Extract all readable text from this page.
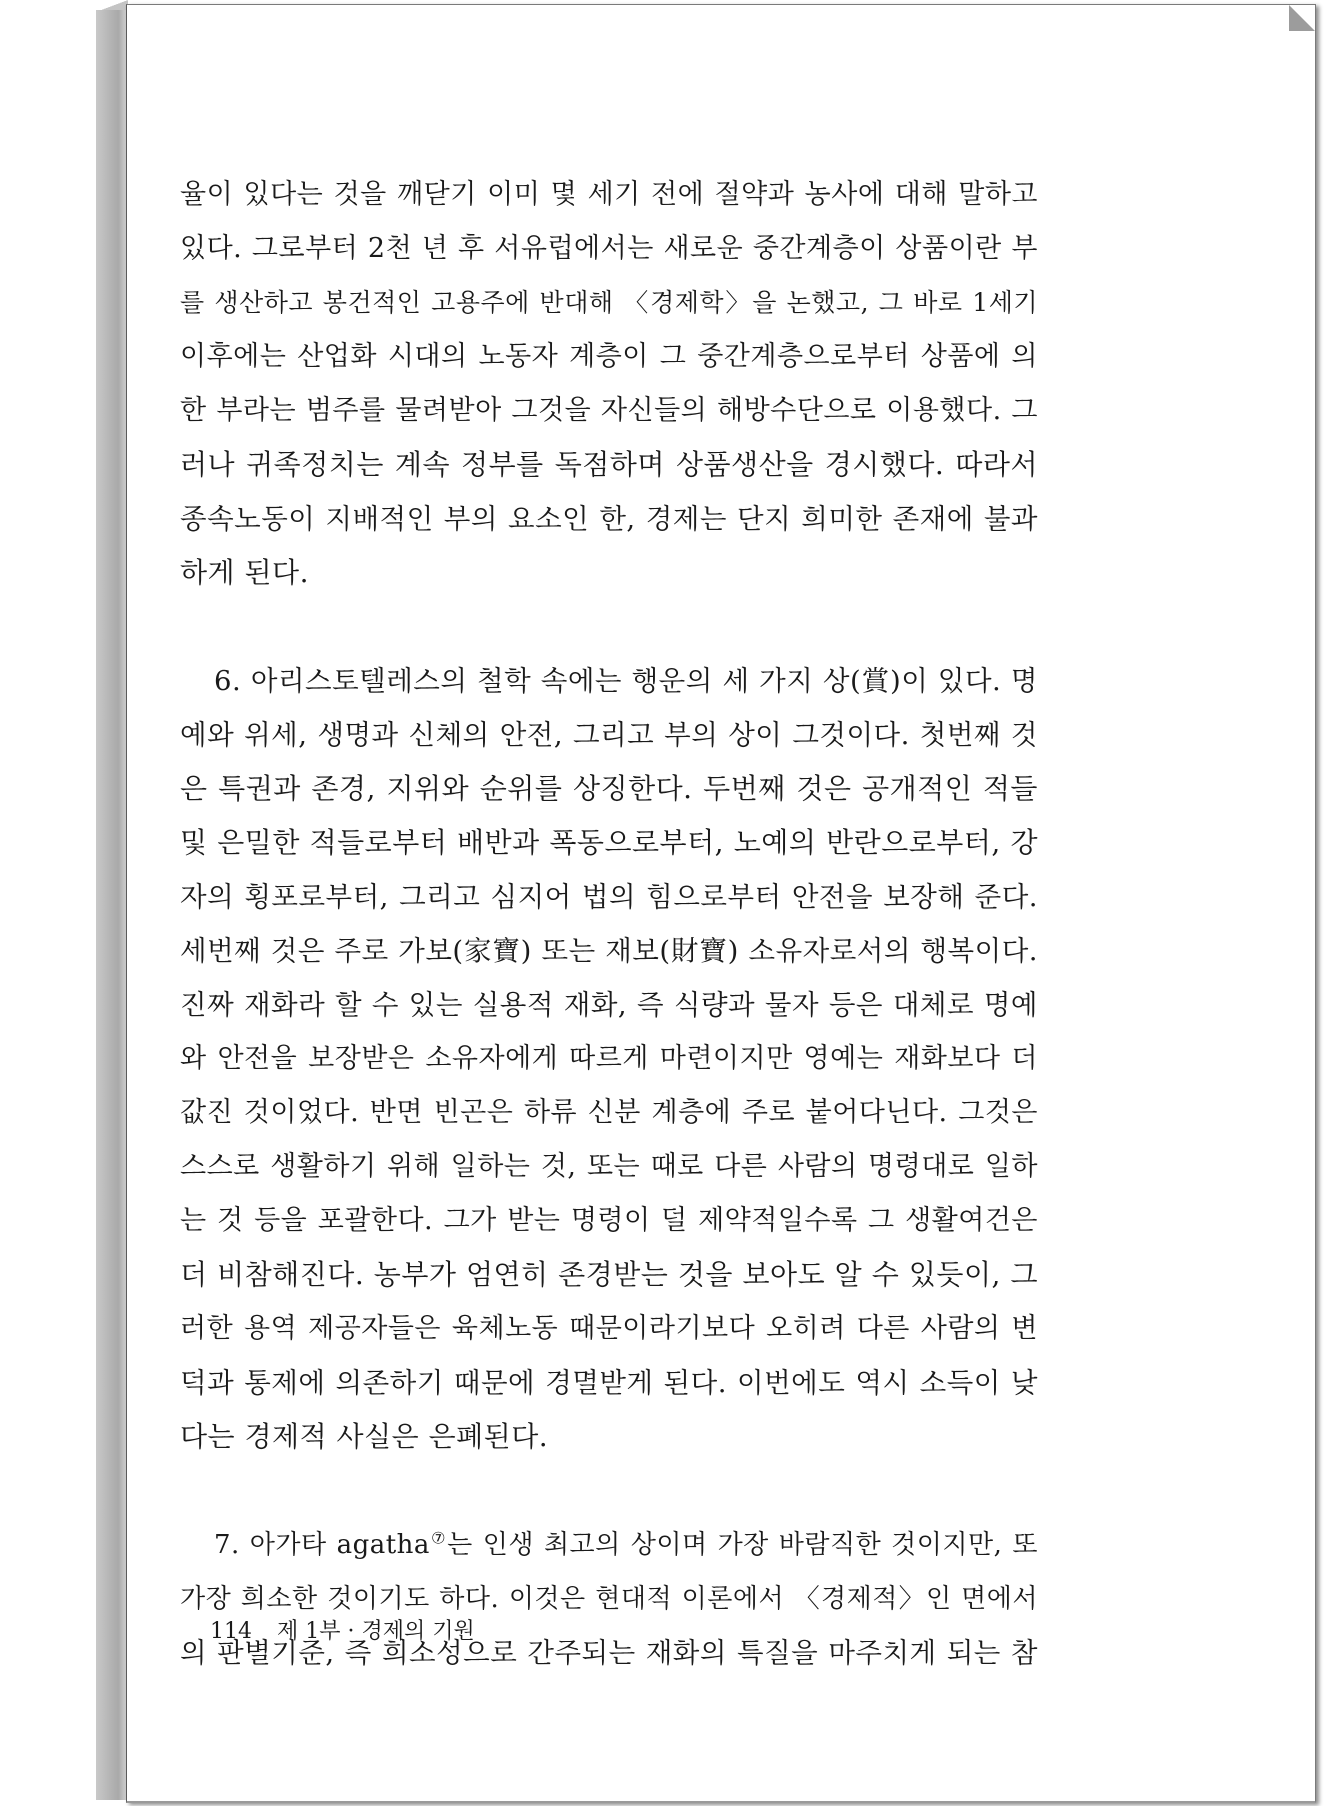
율이 있다는 것을 깨닫기 이미 몇 세기 전에 절약과 농사에 대해 말하고
있다. 그로부터 2천 년 후 서유럽에서는 새로운 중간계층이 상품이란 부
를 생산하고 봉건적인 고용주에 반대해 〈경제학〉을 논했고, 그 바로 1세기
이후에는 산업화 시대의 노동자 계층이 그 중간계층으로부터 상품에 의
한 부라는 범주를 물려받아 그것을 자신들의 해방수단으로 이용했다. 그
러나 귀족정치는 계속 정부를 독점하며 상품생산을 경시했다. 따라서
종속노동이 지배적인 부의 요소인 한, 경제는 단지 희미한 존재에 불과
하게 된다.
6. 아리스토텔레스의 철학 속에는 행운의 세 가지 상(賞)이 있다. 명
예와 위세, 생명과 신체의 안전, 그리고 부의 상이 그것이다. 첫번째 것
은 특권과 존경, 지위와 순위를 상징한다. 두번째 것은 공개적인 적들
및 은밀한 적들로부터 배반과 폭동으로부터, 노예의 반란으로부터, 강
자의 횡포로부터, 그리고 심지어 법의 힘으로부터 안전을 보장해 준다.
세번째 것은 주로 가보(家寶) 또는 재보(財寶) 소유자로서의 행복이다.
진짜 재화라 할 수 있는 실용적 재화, 즉 식량과 물자 등은 대체로 명예
와 안전을 보장받은 소유자에게 따르게 마련이지만 영예는 재화보다 더
값진 것이었다. 반면 빈곤은 하류 신분 계층에 주로 붙어다닌다. 그것은
스스로 생활하기 위해 일하는 것, 또는 때로 다른 사람의 명령대로 일하
는 것 등을 포괄한다. 그가 받는 명령이 덜 제약적일수록 그 생활여건은
더 비참해진다. 농부가 엄연히 존경받는 것을 보아도 알 수 있듯이, 그
러한 용역 제공자들은 육체노동 때문이라기보다 오히려 다른 사람의 변
덕과 통제에 의존하기 때문에 경멸받게 된다. 이번에도 역시 소득이 낮
다는 경제적 사실은 은폐된다.
7. 아가타 agatha⑦는 인생 최고의 상이며 가장 바람직한 것이지만, 또
가장 희소한 것이기도 하다. 이것은 현대적 이론에서 〈경제적〉인 면에서
의 판별기준, 즉 희소성으로 간주되는 재화의 특질을 마주치게 되는 참
114 제 1부 · 경제의 기원
